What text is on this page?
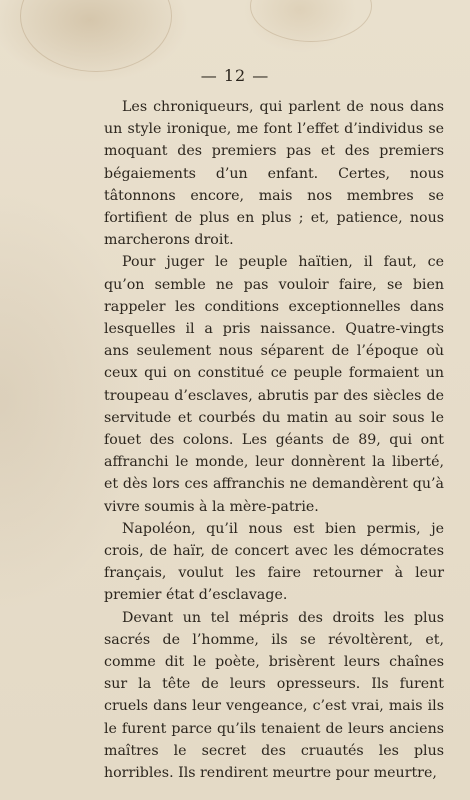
— 12 —

Les chroniqueurs, qui parlent de nous dans un style ironique, me font l’effet d’individus se moquant des premiers pas et des premiers bégaiements d’un enfant. Certes, nous tâtonnons encore, mais nos membres se fortifient de plus en plus ; et, patience, nous marcherons droit.

Pour juger le peuple haïtien, il faut, ce qu’on semble ne pas vouloir faire, se bien rappeler les conditions exceptionnelles dans lesquelles il a pris naissance. Quatre-vingts ans seulement nous séparent de l’époque où ceux qui on constitué ce peuple formaient un troupeau d’esclaves, abrutis par des siècles de servitude et courbés du matin au soir sous le fouet des colons. Les géants de 89, qui ont affranchi le monde, leur donnèrent la liberté, et dès lors ces affranchis ne demandèrent qu’à vivre soumis à la mère-patrie.

Napoléon, qu’il nous est bien permis, je crois, de haïr, de concert avec les démocrates français, voulut les faire retourner à leur premier état d’esclavage.

Devant un tel mépris des droits les plus sacrés de l’homme, ils se révoltèrent, et, comme dit le poète, brisèrent leurs chaînes sur la tête de leurs opresseurs. Ils furent cruels dans leur vengeance, c’est vrai, mais ils le furent parce qu’ils tenaient de leurs anciens maîtres le secret des cruautés les plus horribles. Ils rendirent meurtre pour meurtre,
